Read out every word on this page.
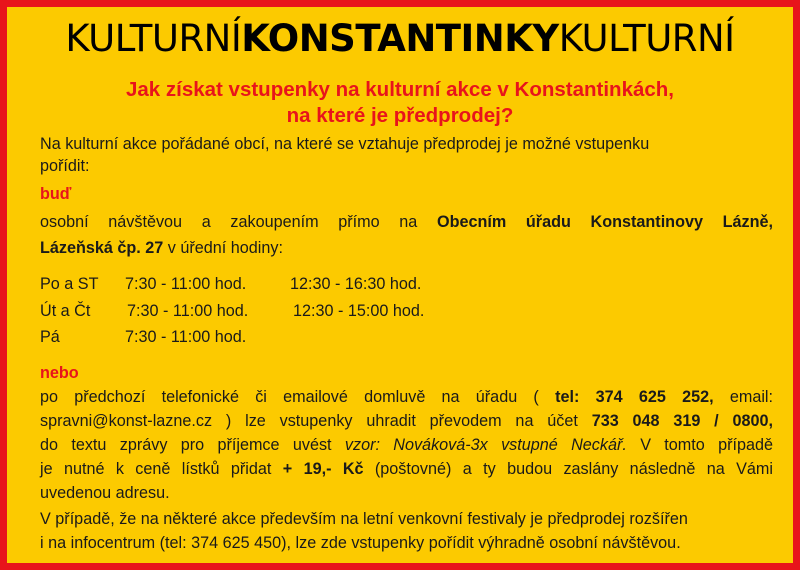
KULTURNÍKONSTANTINKYKULTURNÍ
Jak získat vstupenky na kulturní akce v Konstantinkách,
na které je předprodej?
Na kulturní akce pořádané obcí, na které se vztahuje předprodej je možné vstupenku
pořídit:
buď
osobní návštěvou a zakoupením přímo na Obecním úřadu Konstantinovy Lázně,
Lázeňská čp. 27 v úřední hodiny:
Po a ST 7:30 - 11:00 hod.	12:30 - 16:30 hod.
Út a Čt 7:30 - 11:00 hod.	12:30 - 15:00 hod.
Pá	7:30 - 11:00 hod.
nebo
po předchozí telefonické či emailové domluvě na úřadu ( tel: 374 625 252, email:
spravni@konst-lazne.cz ) lze vstupenky uhradit převodem na účet 733 048 319 / 0800,
do textu zprávy pro příjemce uvést vzor: Nováková-3x vstupné Neckář. V tomto případě
je nutné k ceně lístků přidat + 19,- Kč (poštovné) a ty budou zaslány následně na Vámi
uvedenou adresu.
V případě, že na některé akce především na letní venkovní festivaly je předprodej rozšířen
i na infocentrum (tel: 374 625 450), lze zde vstupenky pořídit výhradně osobní návštěvou.
